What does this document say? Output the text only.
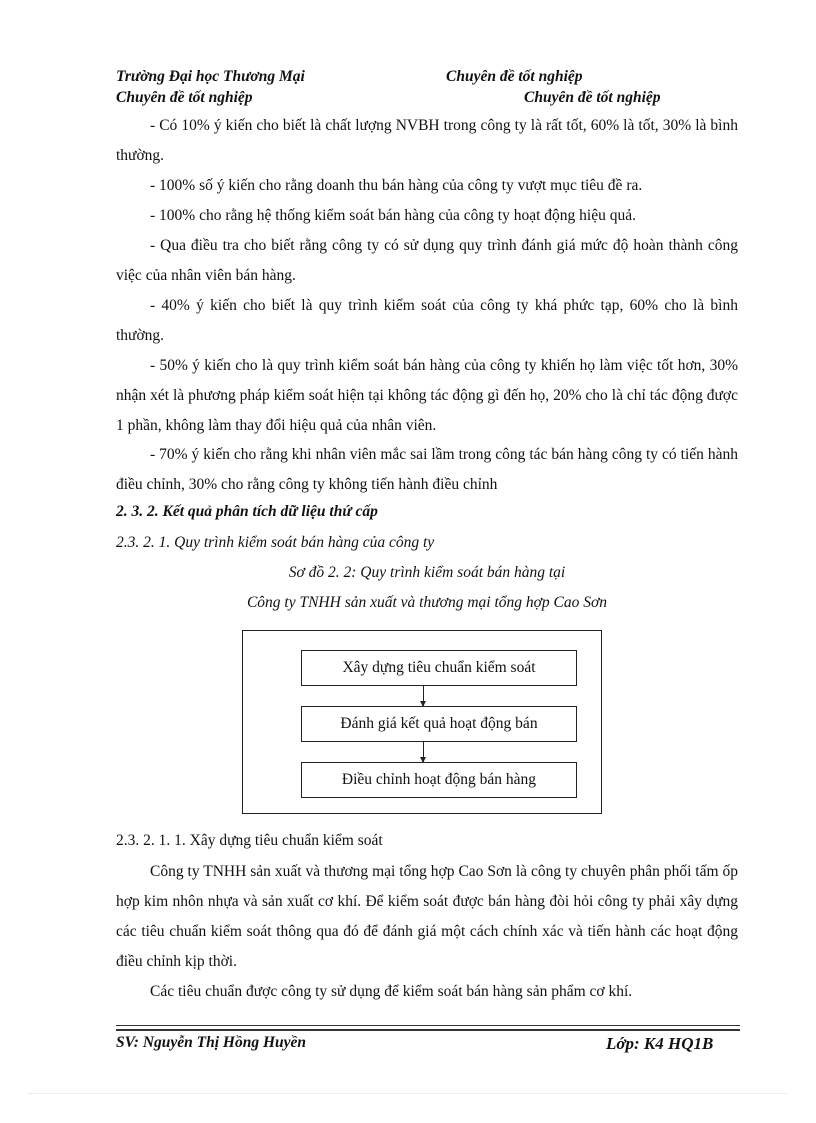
Trường Đại học Thương Mại	Chuyên đề tốt nghiệp
Chuyên đề tốt nghiệp	Chuyên đề tốt nghiệp
- Có 10% ý kiến cho biết là chất lượng NVBH trong công ty là rất tốt, 60% là tốt, 30% là bình thường.
- 100% số ý kiến cho rằng doanh thu bán hàng của công ty vượt mục tiêu đề ra.
- 100% cho rằng hệ thống kiểm soát bán hàng của công ty hoạt động hiệu quả.
- Qua điều tra cho biết rằng công ty có sử dụng quy trình đánh giá mức độ hoàn thành công việc của nhân viên bán hàng.
- 40% ý kiến cho biết là quy trình kiểm soát của công ty khá phức tạp, 60% cho là bình thường.
- 50% ý kiến cho là quy trình kiểm soát bán hàng của công ty khiến họ làm việc tốt hơn, 30% nhận xét là phương pháp kiểm soát hiện tại không tác động gì đến họ, 20% cho là chỉ tác động được 1 phần, không làm thay đổi hiệu quả của nhân viên.
- 70% ý kiến cho rằng khi nhân viên mắc sai lầm trong công tác bán hàng công ty có tiến hành điều chỉnh, 30% cho rằng công ty không tiến hành điều chỉnh
2. 3. 2. Kết quả phân tích dữ liệu thứ cấp
2.3. 2. 1. Quy trình kiểm soát bán hàng của công ty
Sơ đồ 2. 2: Quy trình kiểm soát bán hàng tại
Công ty TNHH sản xuất và thương mại tổng hợp Cao Sơn
Xây dựng tiêu chuẩn kiểm soát
Đánh giá kết quả hoạt động bán
Điều chỉnh hoạt động bán hàng
2.3. 2. 1. 1. Xây dựng tiêu chuẩn kiểm soát
Công ty TNHH sản xuất và thương mại tổng hợp Cao Sơn là công ty chuyên phân phối tấm ốp hợp kim nhôn nhựa và sản xuất cơ khí. Để kiểm soát được bán hàng đòi hỏi công ty phải xây dựng các tiêu chuẩn kiểm soát thông qua đó để đánh giá một cách chính xác và tiến hành các hoạt động điều chỉnh kịp thời.
Các tiêu chuẩn được công ty sử dụng để kiểm soát bán hàng sản phẩm cơ khí.
SV: Nguyễn Thị Hồng Huyền	Lớp: K4 HQ1B
